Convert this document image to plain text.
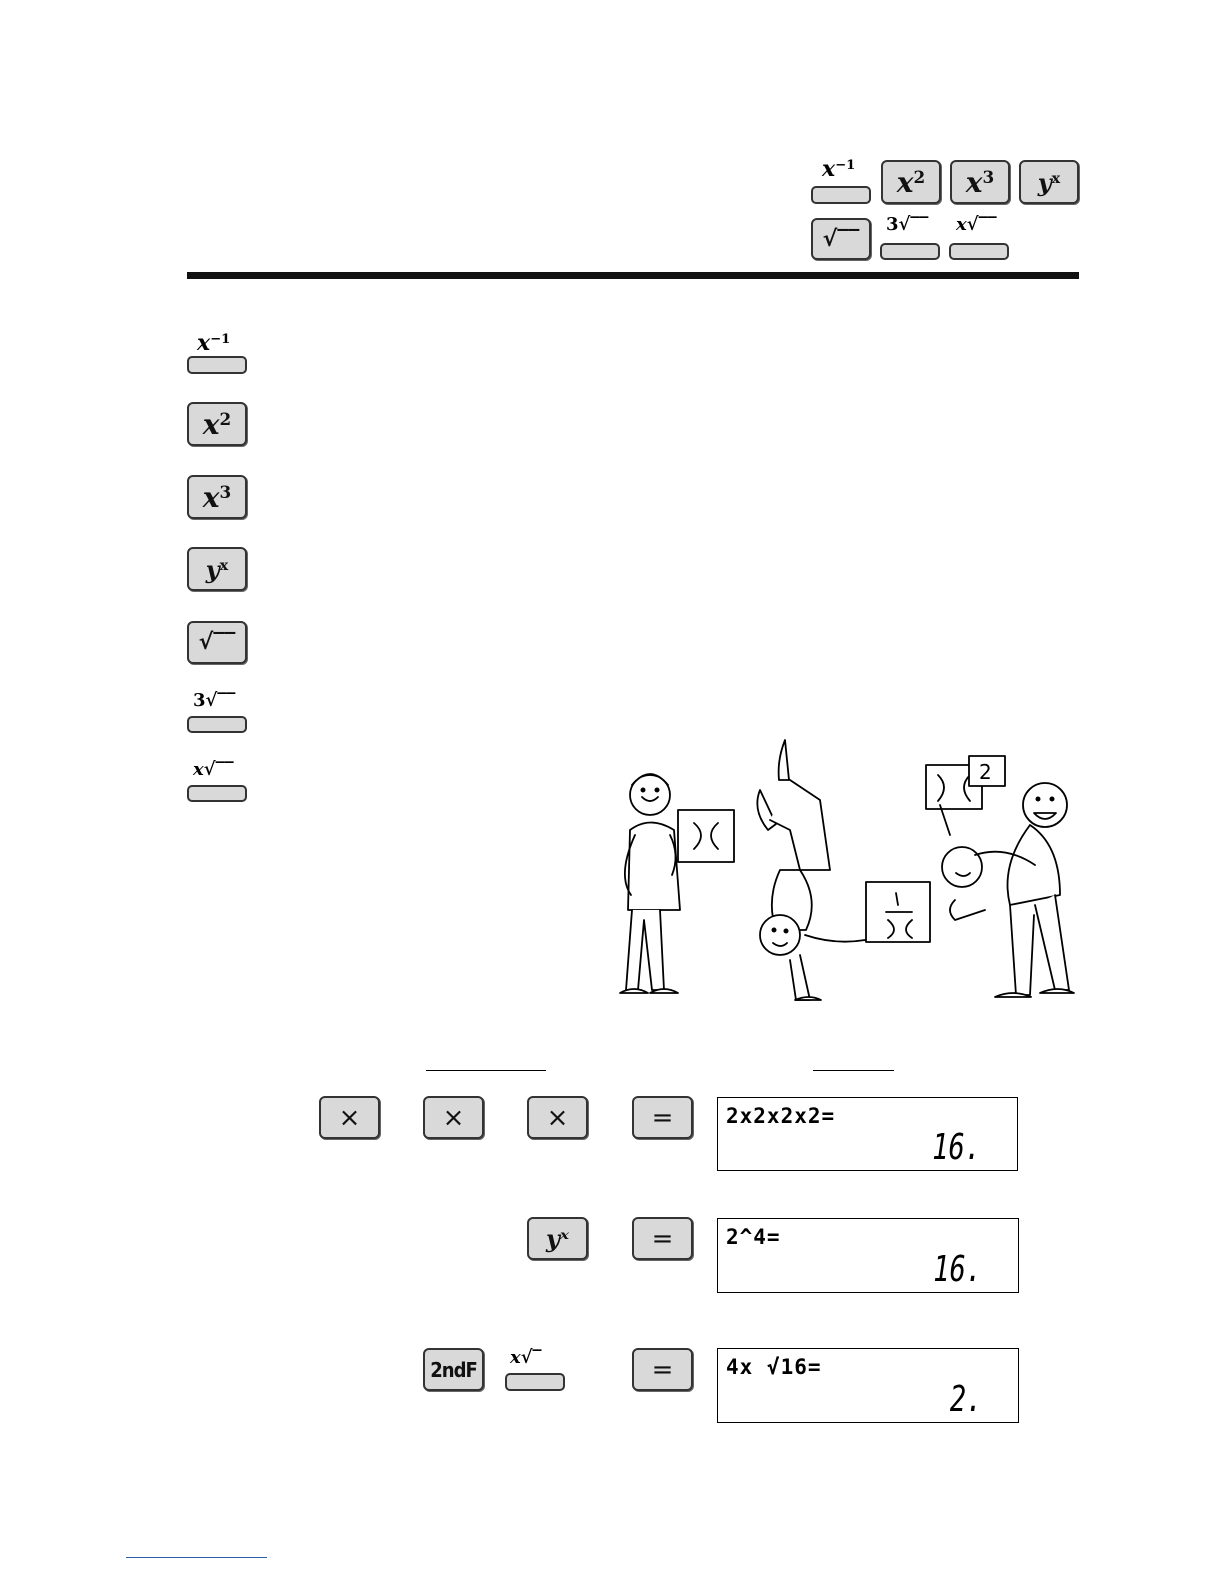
$x^{-1}$
$x^2$ $x^3$ $y^x$
√‾‾
3√‾‾ x√‾‾
$x^{-1}$
$x^2$
$x^3$
$y^x$
√‾‾
3√‾‾
x√‾‾	2
×	×	×	=	2x2x2x2=
16.
yˣ	=	2^4=
16.
2ndF x√‾	=	4x √16=
2.
